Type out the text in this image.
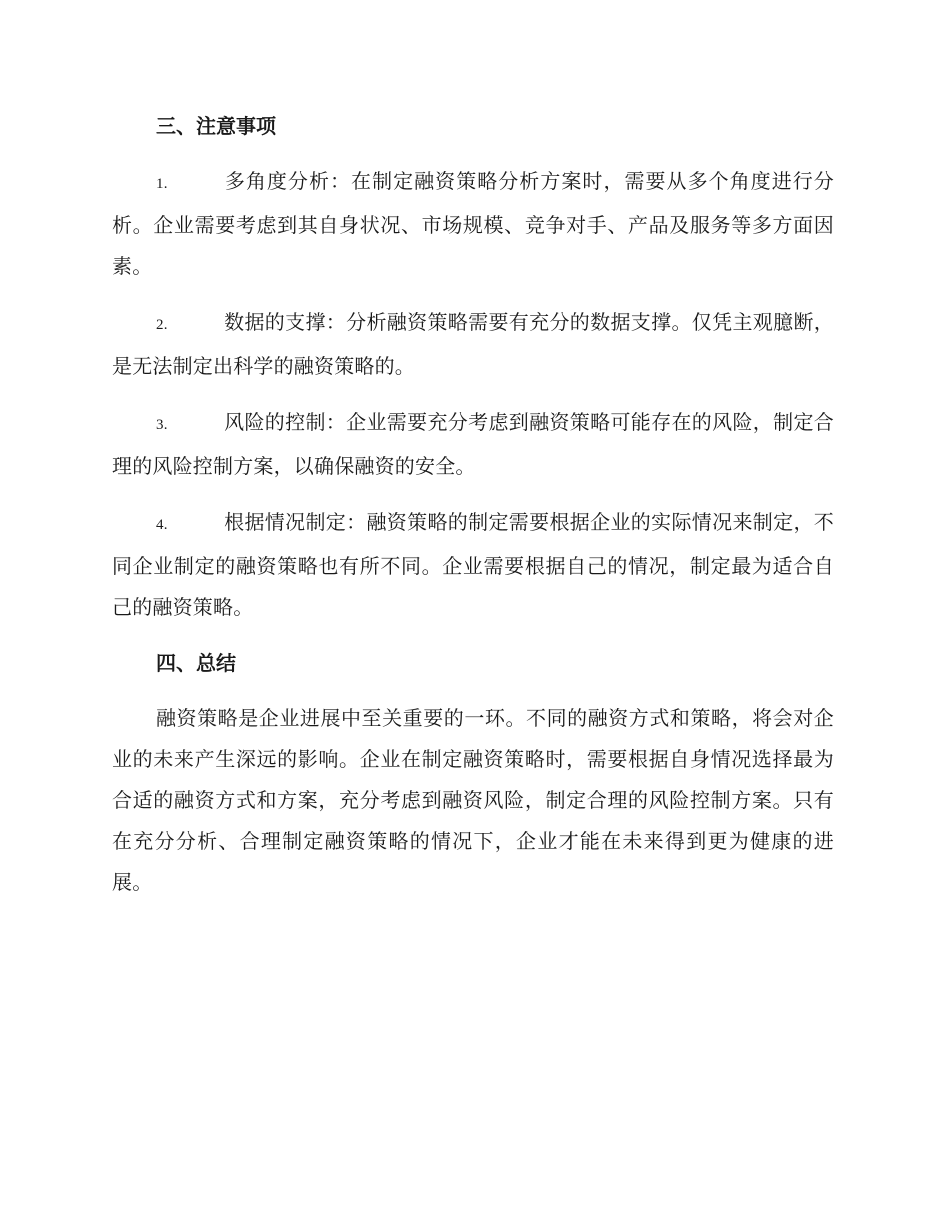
三、注意事项
1.	多角度分析：在制定融资策略分析方案时，需要从多个角度进行分析。企业需要考虑到其自身状况、市场规模、竞争对手、产品及服务等多方面因素。
2.	数据的支撑：分析融资策略需要有充分的数据支撑。仅凭主观臆断，是无法制定出科学的融资策略的。
3.	风险的控制：企业需要充分考虑到融资策略可能存在的风险，制定合理的风险控制方案，以确保融资的安全。
4.	根据情况制定：融资策略的制定需要根据企业的实际情况来制定，不同企业制定的融资策略也有所不同。企业需要根据自己的情况，制定最为适合自己的融资策略。
四、总结
融资策略是企业进展中至关重要的一环。不同的融资方式和策略，将会对企业的未来产生深远的影响。企业在制定融资策略时，需要根据自身情况选择最为合适的融资方式和方案，充分考虑到融资风险，制定合理的风险控制方案。只有在充分分析、合理制定融资策略的情况下，企业才能在未来得到更为健康的进展。
